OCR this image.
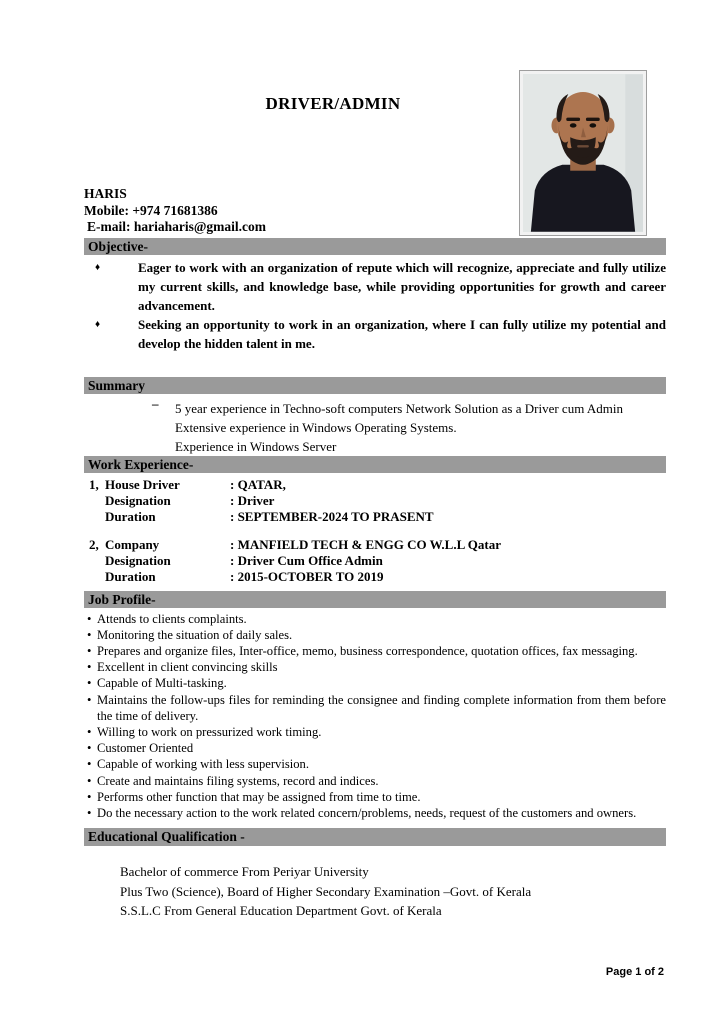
DRIVER/ADMIN
HARIS
Mobile: +974 71681386
E-mail: hariaharis@gmail.com
Objective-
♦	Eager to work with an organization of repute which will recognize, appreciate and fully utilize my current skills, and knowledge base, while providing opportunities for growth and career advancement.
♦	Seeking an opportunity to work in an organization, where I can fully utilize my potential and develop the hidden talent in me.
Summary
–	5 year experience in Techno-soft computers Network Solution as a Driver cum Admin
Extensive experience in Windows Operating Systems.
Experience in Windows Server
Work Experience-
1, House Driver	: QATAR,
Designation	: Driver
Duration	: SEPTEMBER-2024 TO PRASENT
2, Company	: MANFIELD TECH & ENGG CO W.L.L Qatar
Designation	: Driver Cum Office Admin
Duration	: 2015-OCTOBER TO 2019
Job Profile-
• Attends to clients complaints.
• Monitoring the situation of daily sales.
• Prepares and organize files, Inter-office, memo, business correspondence, quotation offices, fax messaging.
• Excellent in client convincing skills
• Capable of Multi-tasking.
• Maintains the follow-ups files for reminding the consignee and finding complete information from them before the time of delivery.
• Willing to work on pressurized work timing.
• Customer Oriented
• Capable of working with less supervision.
• Create and maintains filing systems, record and indices.
• Performs other function that may be assigned from time to time.
• Do the necessary action to the work related concern/problems, needs, request of the customers and owners.
Educational Qualification -
Bachelor of commerce From Periyar University
Plus Two (Science), Board of Higher Secondary Examination –Govt. of Kerala
S.S.L.C From General Education Department Govt. of Kerala
Page 1 of 2
